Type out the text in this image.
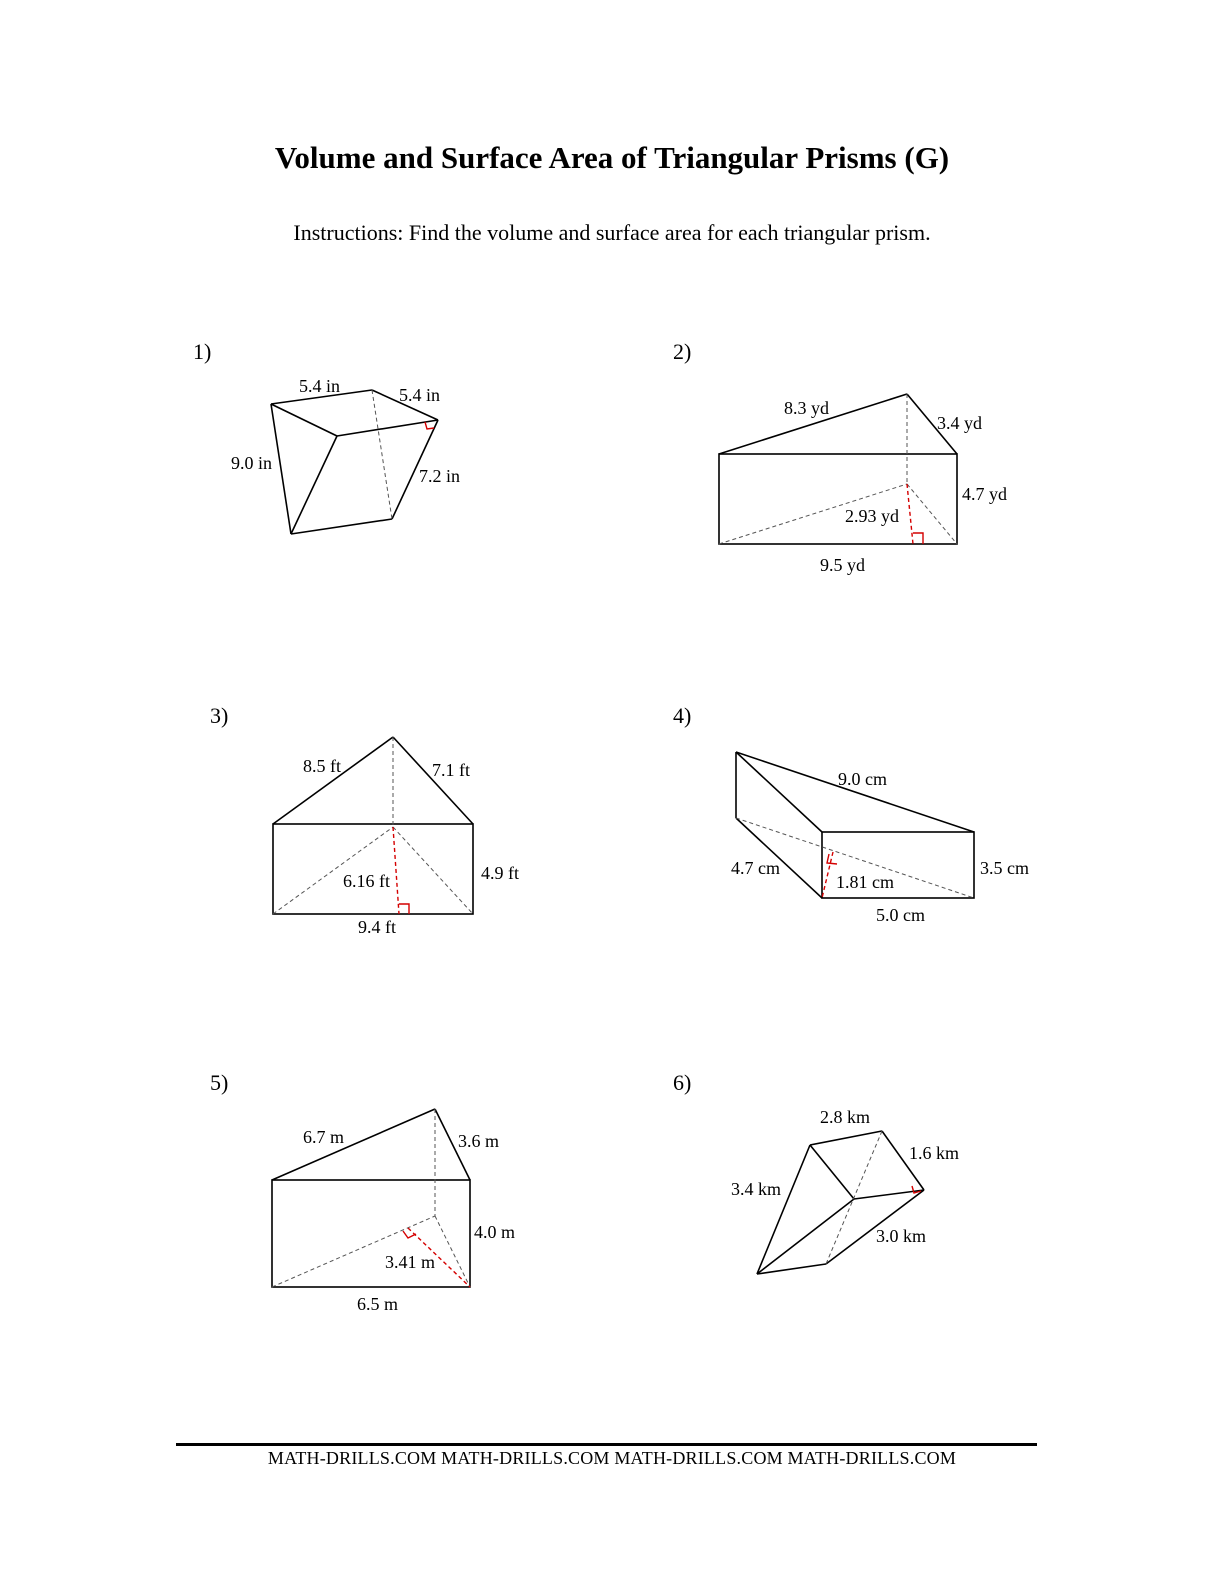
Volume and Surface Area of Triangular Prisms (G)
Instructions: Find the volume and surface area for each triangular prism.
1)	2)
3)	4)
5)	6)
5.4 in	5.4 in
9.0 in
7.2 in
8.3 yd
3.4 yd
4.7 yd
2.93 yd
9.5 yd
8.5 ft	7.1 ft
6.16 ft	4.9 ft
9.4 ft
9.0 cm
4.7 cm
1.81 cm
3.5 cm
5.0 cm
6.7 m	3.6 m
4.0 m
3.41 m
6.5 m
2.8 km
1.6 km
3.4 km
3.0 km
MATH-DRILLS.COM MATH-DRILLS.COM MATH-DRILLS.COM MATH-DRILLS.COM
